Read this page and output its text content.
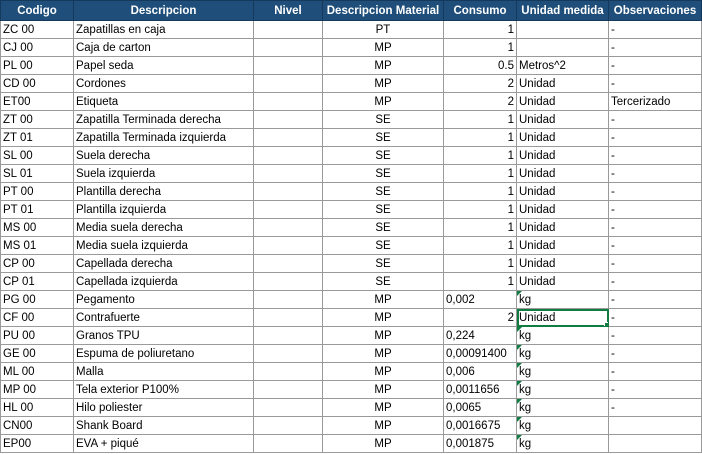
Codigo	Descripcion	Nivel	Descripcion Material	Consumo	Unidad medida	Observaciones
ZC 00	Zapatillas en caja		PT	1		-
CJ 00	Caja de carton		MP	1		-
PL 00	Papel seda		MP	0.5	Metros^2	-
CD 00	Cordones		MP	2	Unidad	-
ET00	Etiqueta		MP	2	Unidad	Tercerizado
ZT 00	Zapatilla Terminada derecha		SE	1	Unidad	-
ZT 01	Zapatilla Terminada izquierda		SE	1	Unidad	-
SL 00	Suela derecha		SE	1	Unidad	-
SL 01	Suela izquierda		SE	1	Unidad	-
PT 00	Plantilla derecha		SE	1	Unidad	-
PT 01	Plantilla izquierda		SE	1	Unidad	-
MS 00	Media suela derecha		SE	1	Unidad	-
MS 01	Media suela izquierda		SE	1	Unidad	-
CP 00	Capellada derecha		SE	1	Unidad	-
CP 01	Capellada izquierda		SE	1	Unidad	-
PG 00	Pegamento		MP	0,002	kg	-
CF 00	Contrafuerte		MP	2	Unidad	-
PU 00	Granos TPU		MP	0,224	kg	-
GE 00	Espuma de poliuretano		MP	0,00091400	kg	-
ML 00	Malla		MP	0,006	kg	-
MP 00	Tela exterior P100%		MP	0,0011656	kg	-
HL 00	Hilo poliester		MP	0,0065	kg	-
CN00	Shank Board		MP	0,0016675	kg	
EP00	EVA + piqué		MP	0,001875	kg	
